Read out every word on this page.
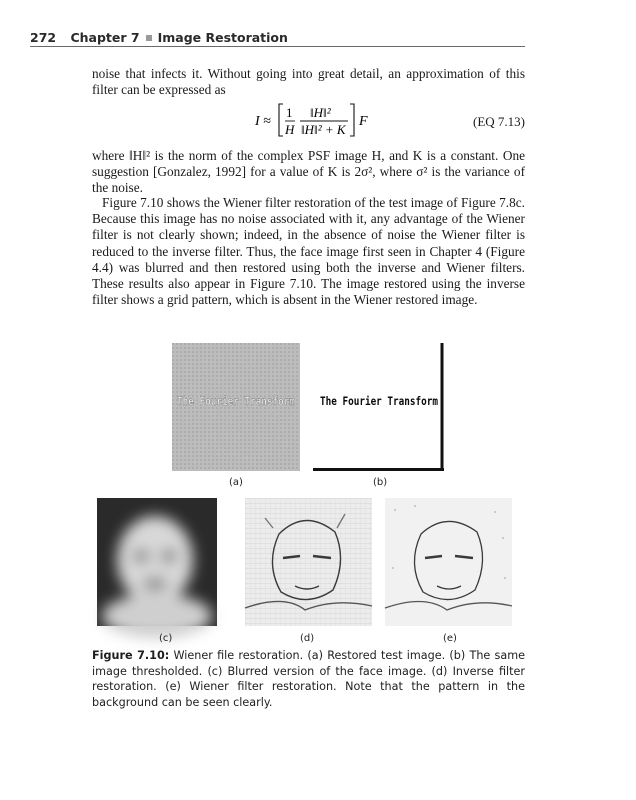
272 Chapter 7 Image Restoration
noise that infects it. Without going into great detail, an approximation of this filter can be expressed as
I ≈
1
H
‖H‖²
‖H‖² + K
F	(EQ 7.13)
where ‖H‖² is the norm of the complex PSF image H, and K is a constant. One suggestion [Gonzalez, 1992] for a value of K is 2σ², where σ² is the variance of the noise.
Figure 7.10 shows the Wiener filter restoration of the test image of Figure 7.8c. Because this image has no noise associated with it, any advantage of the Wiener filter is not clearly shown; indeed, in the absence of noise the Wiener filter is reduced to the inverse filter. Thus, the face image first seen in Chapter 4 (Figure 4.4) was blurred and then restored using both the inverse and Wiener filters. These results also appear in Figure 7.10. The image restored using the inverse filter shows a grid pattern, which is absent in the Wiener restored image.
The Fourier Transform
(a)
The Fourier Transform
(b)
(c)	(d)	(e)
Figure 7.10: Wiener file restoration. (a) Restored test image. (b) The same image thresholded. (c) Blurred version of the face image. (d) Inverse filter restoration. (e) Wiener filter restoration. Note that the pattern in the background can be seen clearly.
